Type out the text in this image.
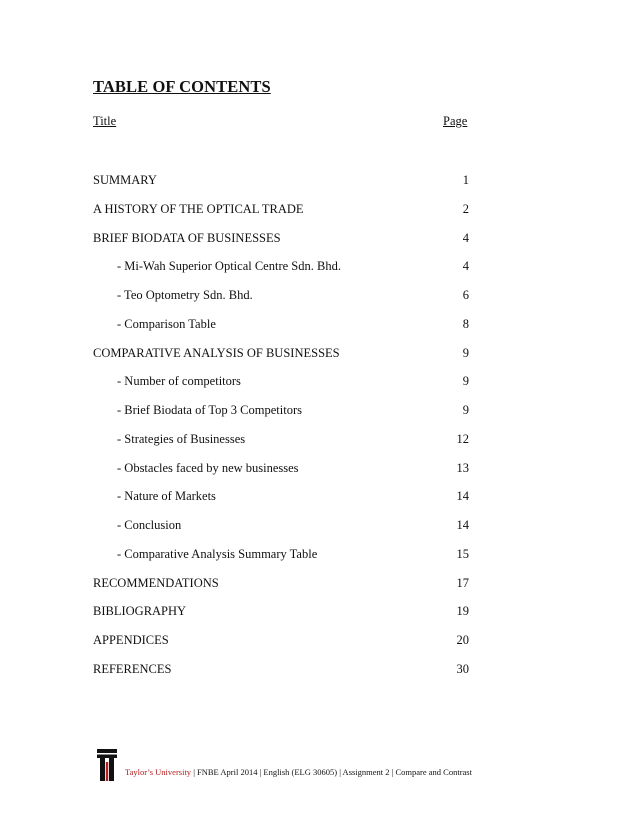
TABLE OF CONTENTS
Title	Page
SUMMARY	1
A HISTORY OF THE OPTICAL TRADE	2
BRIEF BIODATA OF BUSINESSES	4
- Mi-Wah Superior Optical Centre Sdn. Bhd.	4
- Teo Optometry Sdn. Bhd.	6
- Comparison Table	8
COMPARATIVE ANALYSIS OF BUSINESSES	9
- Number of competitors	9
- Brief Biodata of Top 3 Competitors	9
- Strategies of Businesses	12
- Obstacles faced by new businesses	13
- Nature of Markets	14
- Conclusion	14
- Comparative Analysis Summary Table	15
RECOMMENDATIONS	17
BIBLIOGRAPHY	19
APPENDICES	20
REFERENCES	30
Taylor’s University | FNBE April 2014 | English (ELG 30605) | Assignment 2 | Compare and Contrast
